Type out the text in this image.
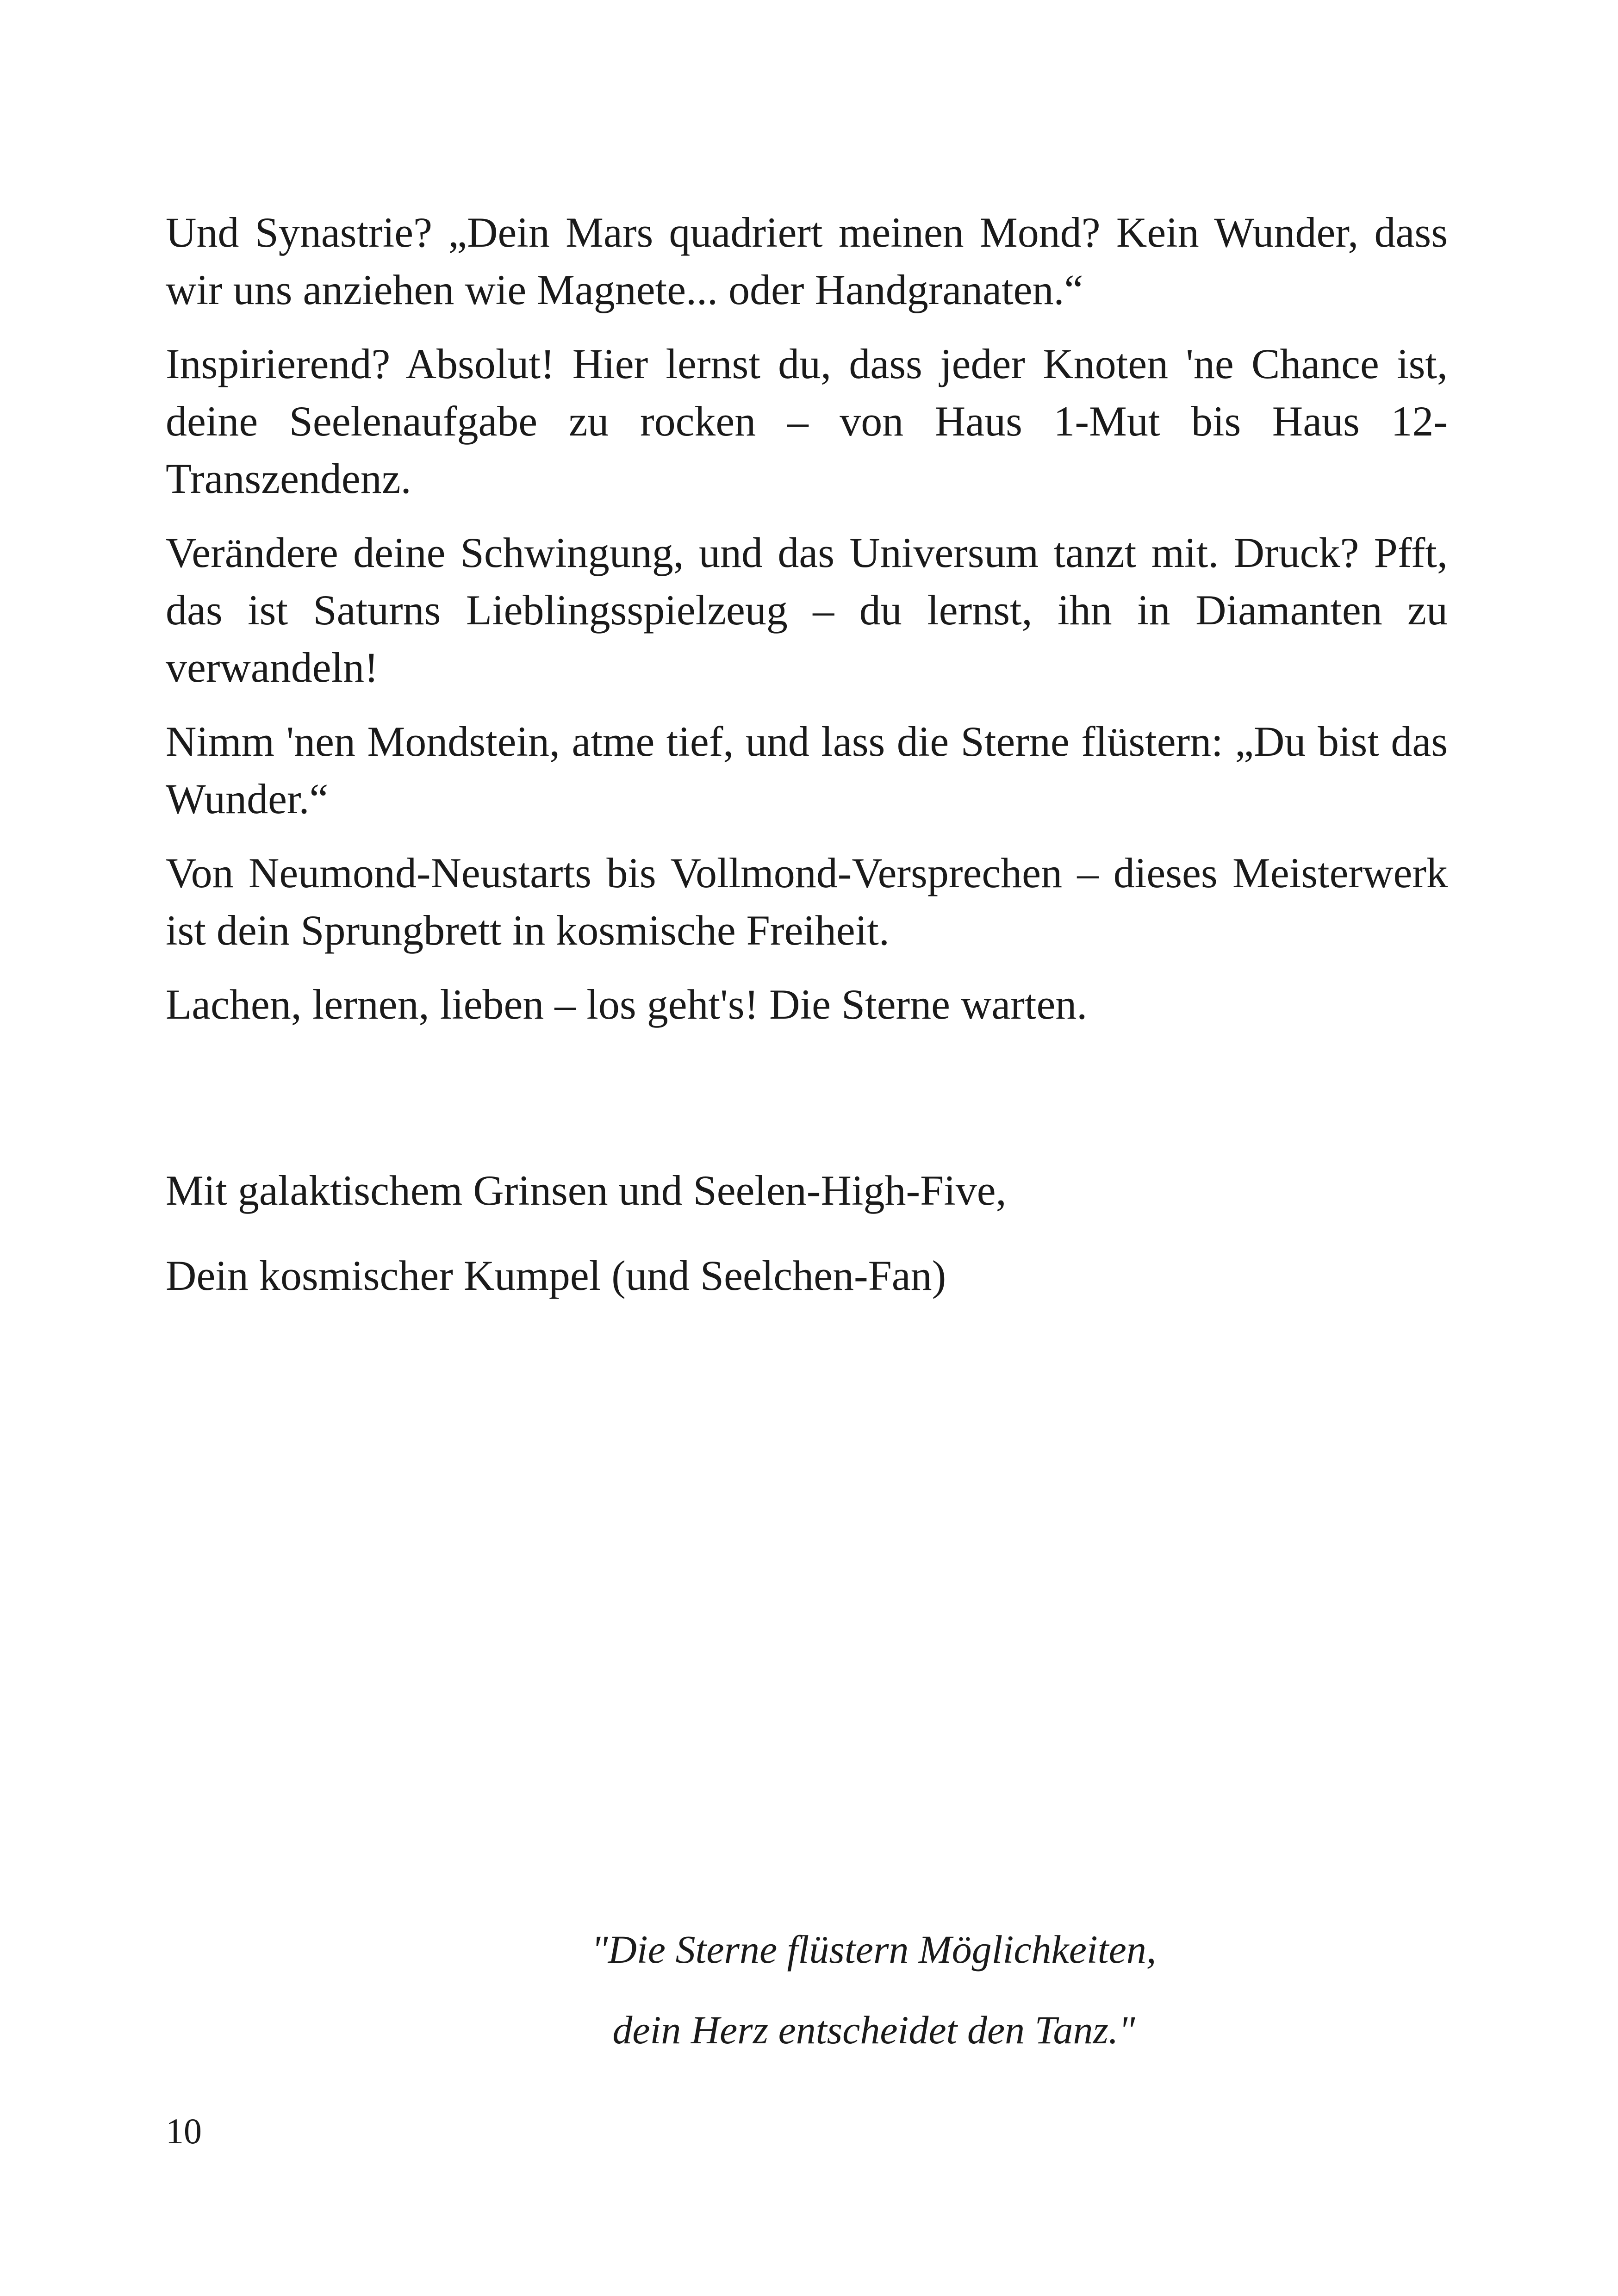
Und Synastrie? „Dein Mars quadriert meinen Mond? Kein Wunder, dass wir uns anziehen wie Magnete... oder Handgranaten.“

Inspirierend? Absolut! Hier lernst du, dass jeder Knoten 'ne Chance ist, deine Seelenaufgabe zu rocken – von Haus 1-Mut bis Haus 12-Transzendenz.

Verändere deine Schwingung, und das Universum tanzt mit. Druck? Pfft, das ist Saturns Lieblingsspielzeug – du lernst, ihn in Diamanten zu verwandeln!

Nimm 'nen Mondstein, atme tief, und lass die Sterne flüstern: „Du bist das Wunder.“

Von Neumond-Neustarts bis Vollmond-Versprechen – dieses Meisterwerk ist dein Sprungbrett in kosmische Freiheit.

Lachen, lernen, lieben – los geht's! Die Sterne warten.

Mit galaktischem Grinsen und Seelen-High-Five,

Dein kosmischer Kumpel (und Seelchen-Fan)

"Die Sterne flüstern Möglichkeiten,

dein Herz entscheidet den Tanz."

10
